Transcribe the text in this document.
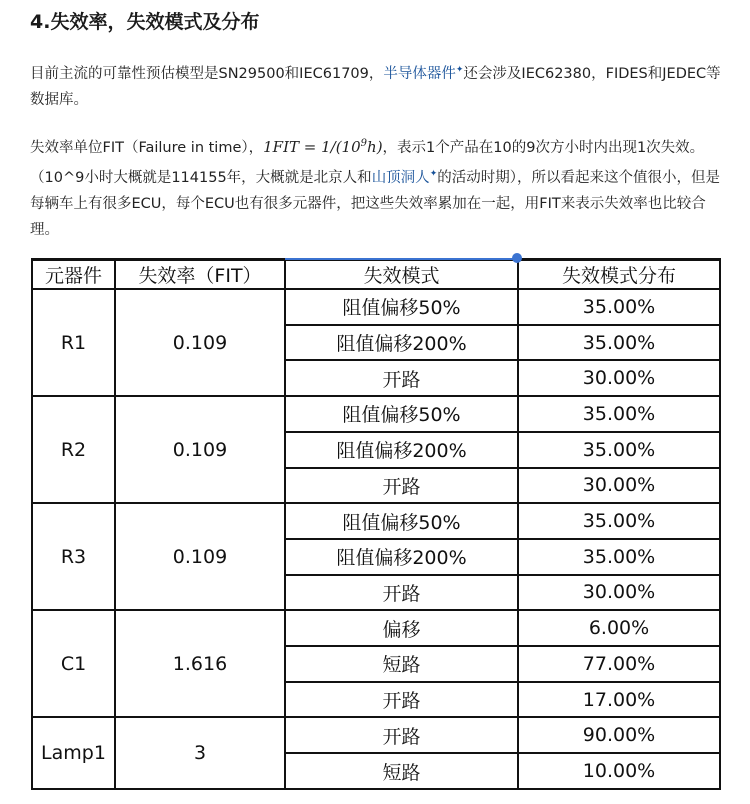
4.失效率，失效模式及分布
目前主流的可靠性预估模型是SN29500和IEC61709，半导体器件✦还会涉及IEC62380，FIDES和JEDEC等数据库。
失效率单位FIT（Failure in time），$1FIT = 1/(10^9h)$，表示1个产品在10的9次方小时内出现1次失效。（10^9小时大概就是114155年，大概就是北京人和山顶洞人✦的活动时期），所以看起来这个值很小，但是每辆车上有很多ECU，每个ECU也有很多元器件，把这些失效率累加在一起，用FIT来表示失效率也比较合理。
元器件	失效率（FIT）	失效模式	失效模式分布
R1	0.109	阻值偏移50%	35.00%
		阻值偏移200%	35.00%
		开路	30.00%
R2	0.109	阻值偏移50%	35.00%
		阻值偏移200%	35.00%
		开路	30.00%
R3	0.109	阻值偏移50%	35.00%
		阻值偏移200%	35.00%
		开路	30.00%
C1	1.616	偏移	6.00%
		短路	77.00%
		开路	17.00%
Lamp1	3	开路	90.00%
		短路	10.00%
